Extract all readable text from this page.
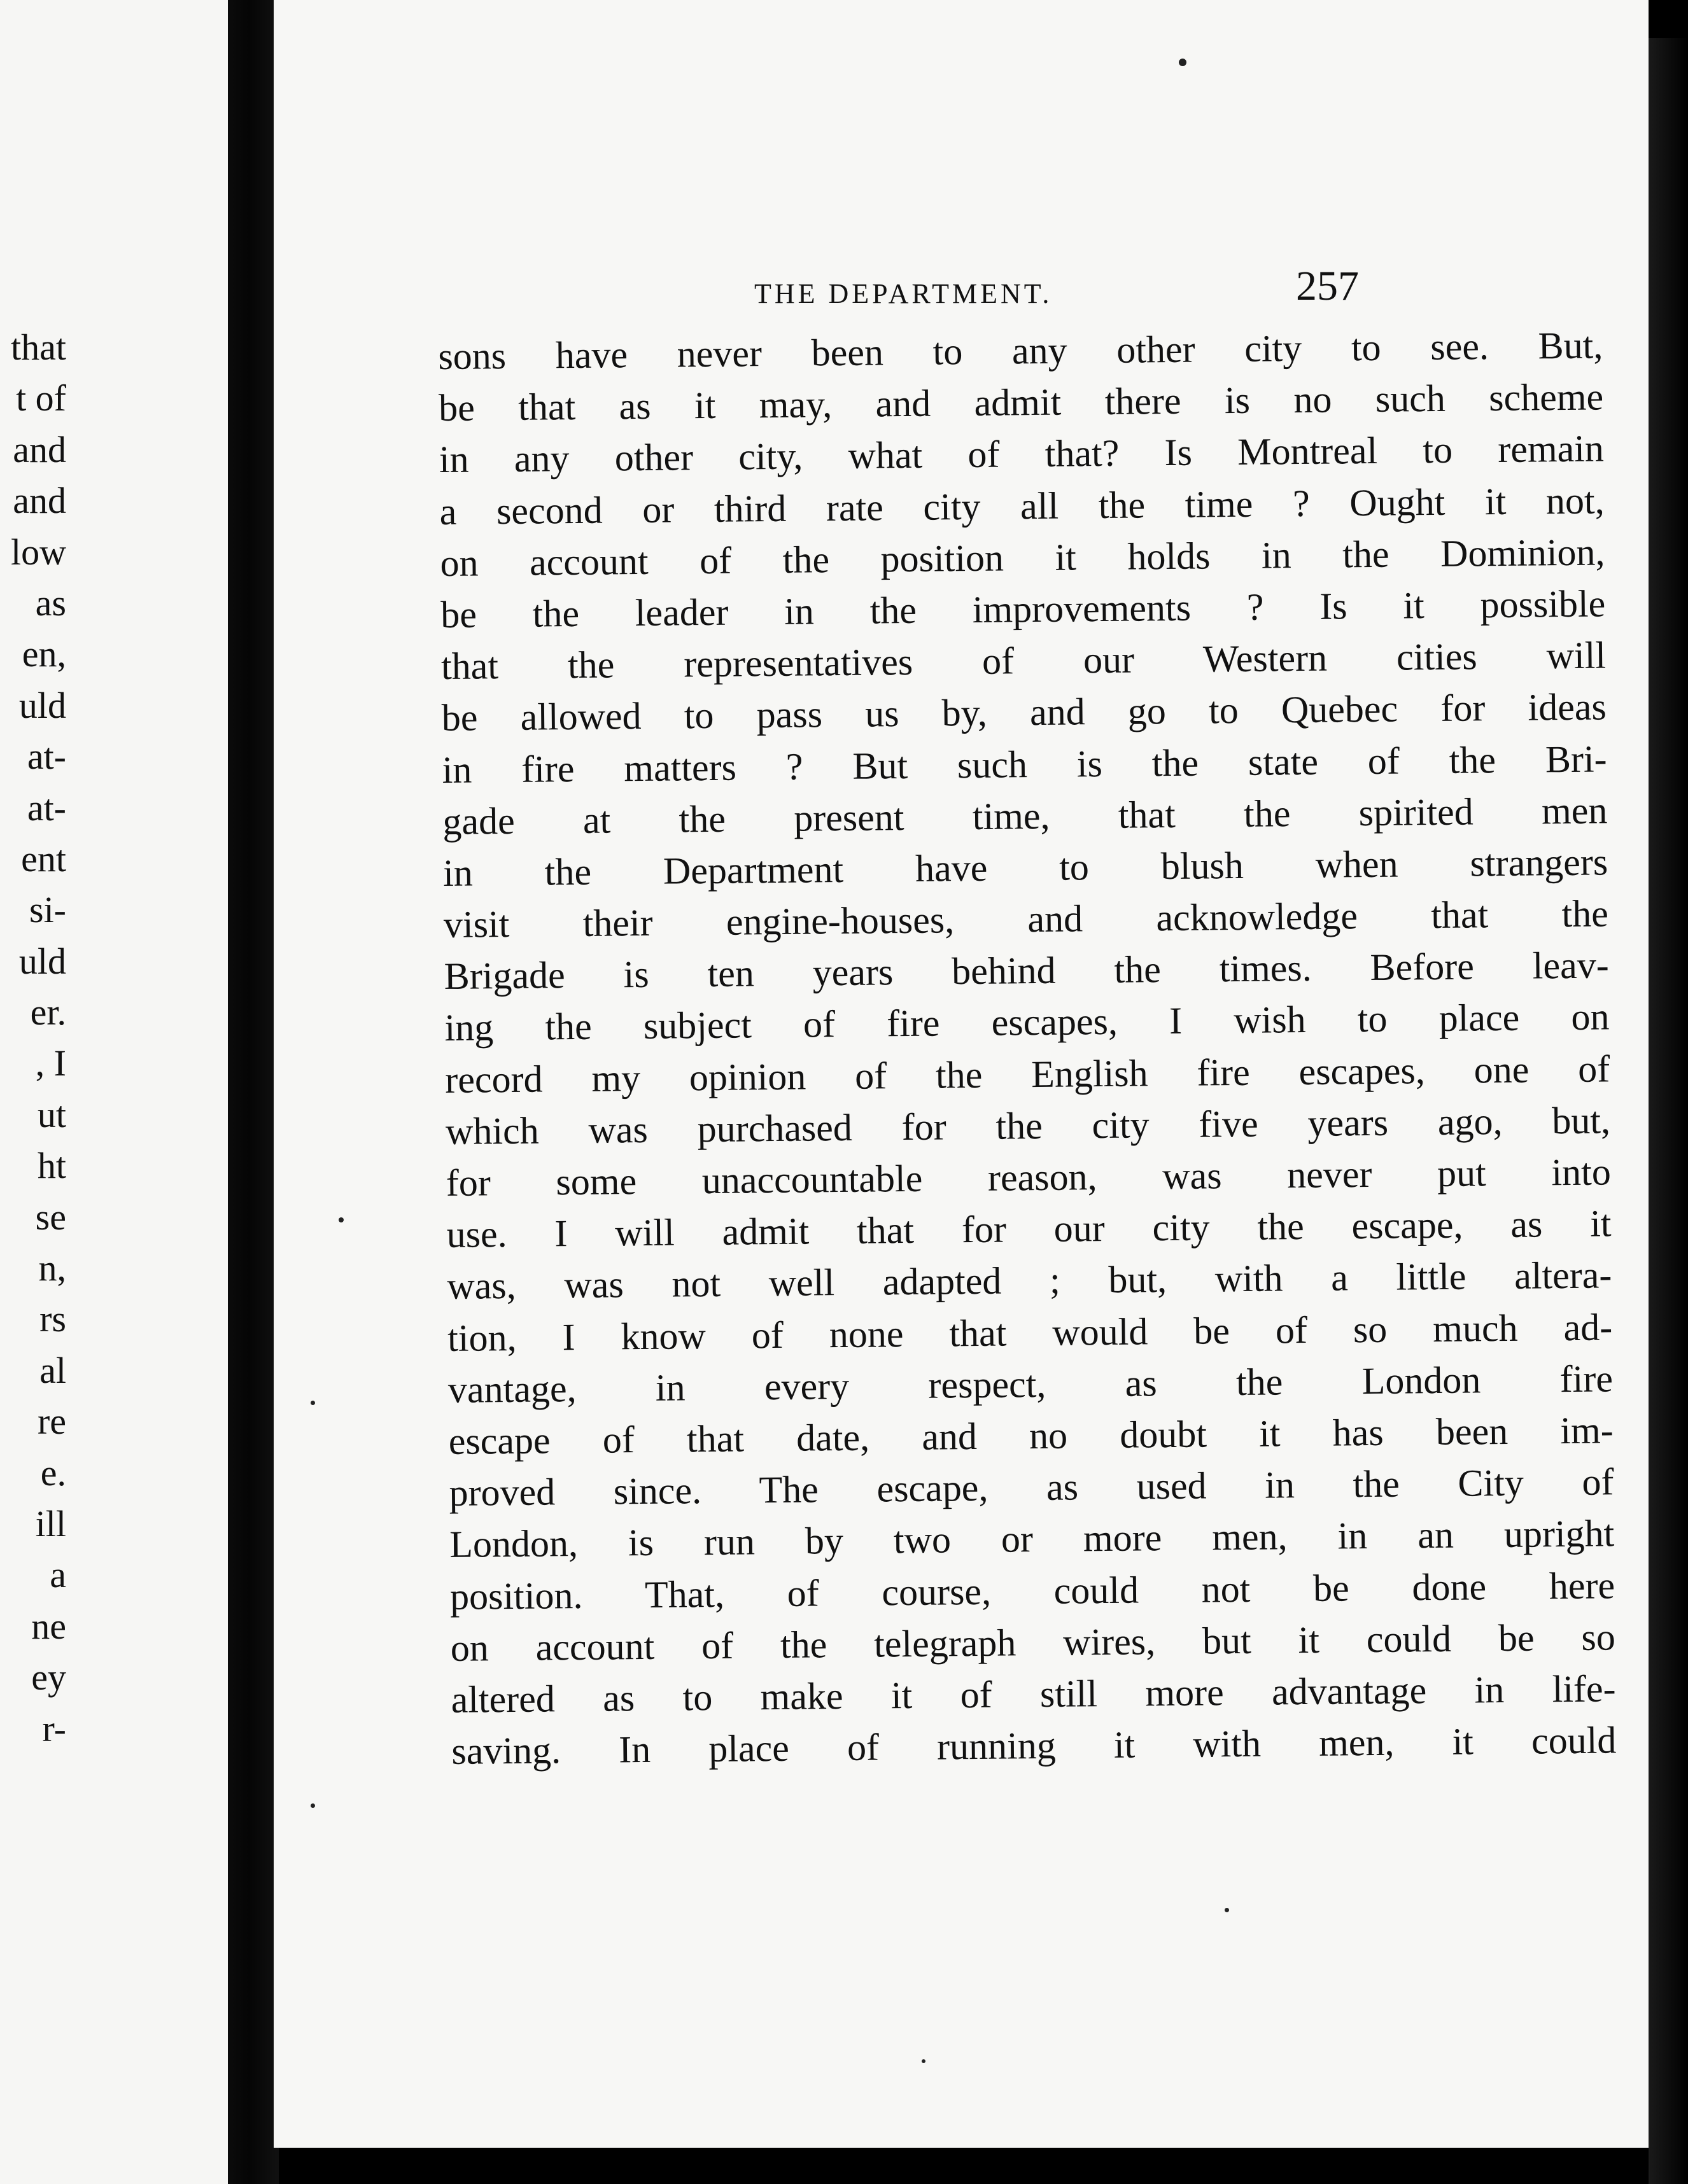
that
t of
and
and
low
as
en,
uld
at-
at-
ent
si-
uld
er.
, I
ut
ht
se
n,
rs
al
re
e.
ill
a
ne
ey
r-
THE DEPARTMENT.	257
sons have never been to any other city to see. But,
be that as it may, and admit there is no such scheme
in any other city, what of that? Is Montreal to remain
a second or third rate city all the time ? Ought it not,
on account of the position it holds in the Dominion,
be the leader in the improvements ? Is it possible
that the representatives of our Western cities will
be allowed to pass us by, and go to Quebec for ideas
in fire matters ? But such is the state of the Bri-
gade at the present time, that the spirited men
in the Department have to blush when strangers
visit their engine-houses, and acknowledge that the
Brigade is ten years behind the times. Before leav-
ing the subject of fire escapes, I wish to place on
record my opinion of the English fire escapes, one of
which was purchased for the city five years ago, but,
for some unaccountable reason, was never put into
use. I will admit that for our city the escape, as it
was, was not well adapted ; but, with a little altera-
tion, I know of none that would be of so much ad-
vantage, in every respect, as the London fire
escape of that date, and no doubt it has been im-
proved since. The escape, as used in the City of
London, is run by two or more men, in an upright
position. That, of course, could not be done here
on account of the telegraph wires, but it could be so
altered as to make it of still more advantage in life-
saving. In place of running it with men, it could
